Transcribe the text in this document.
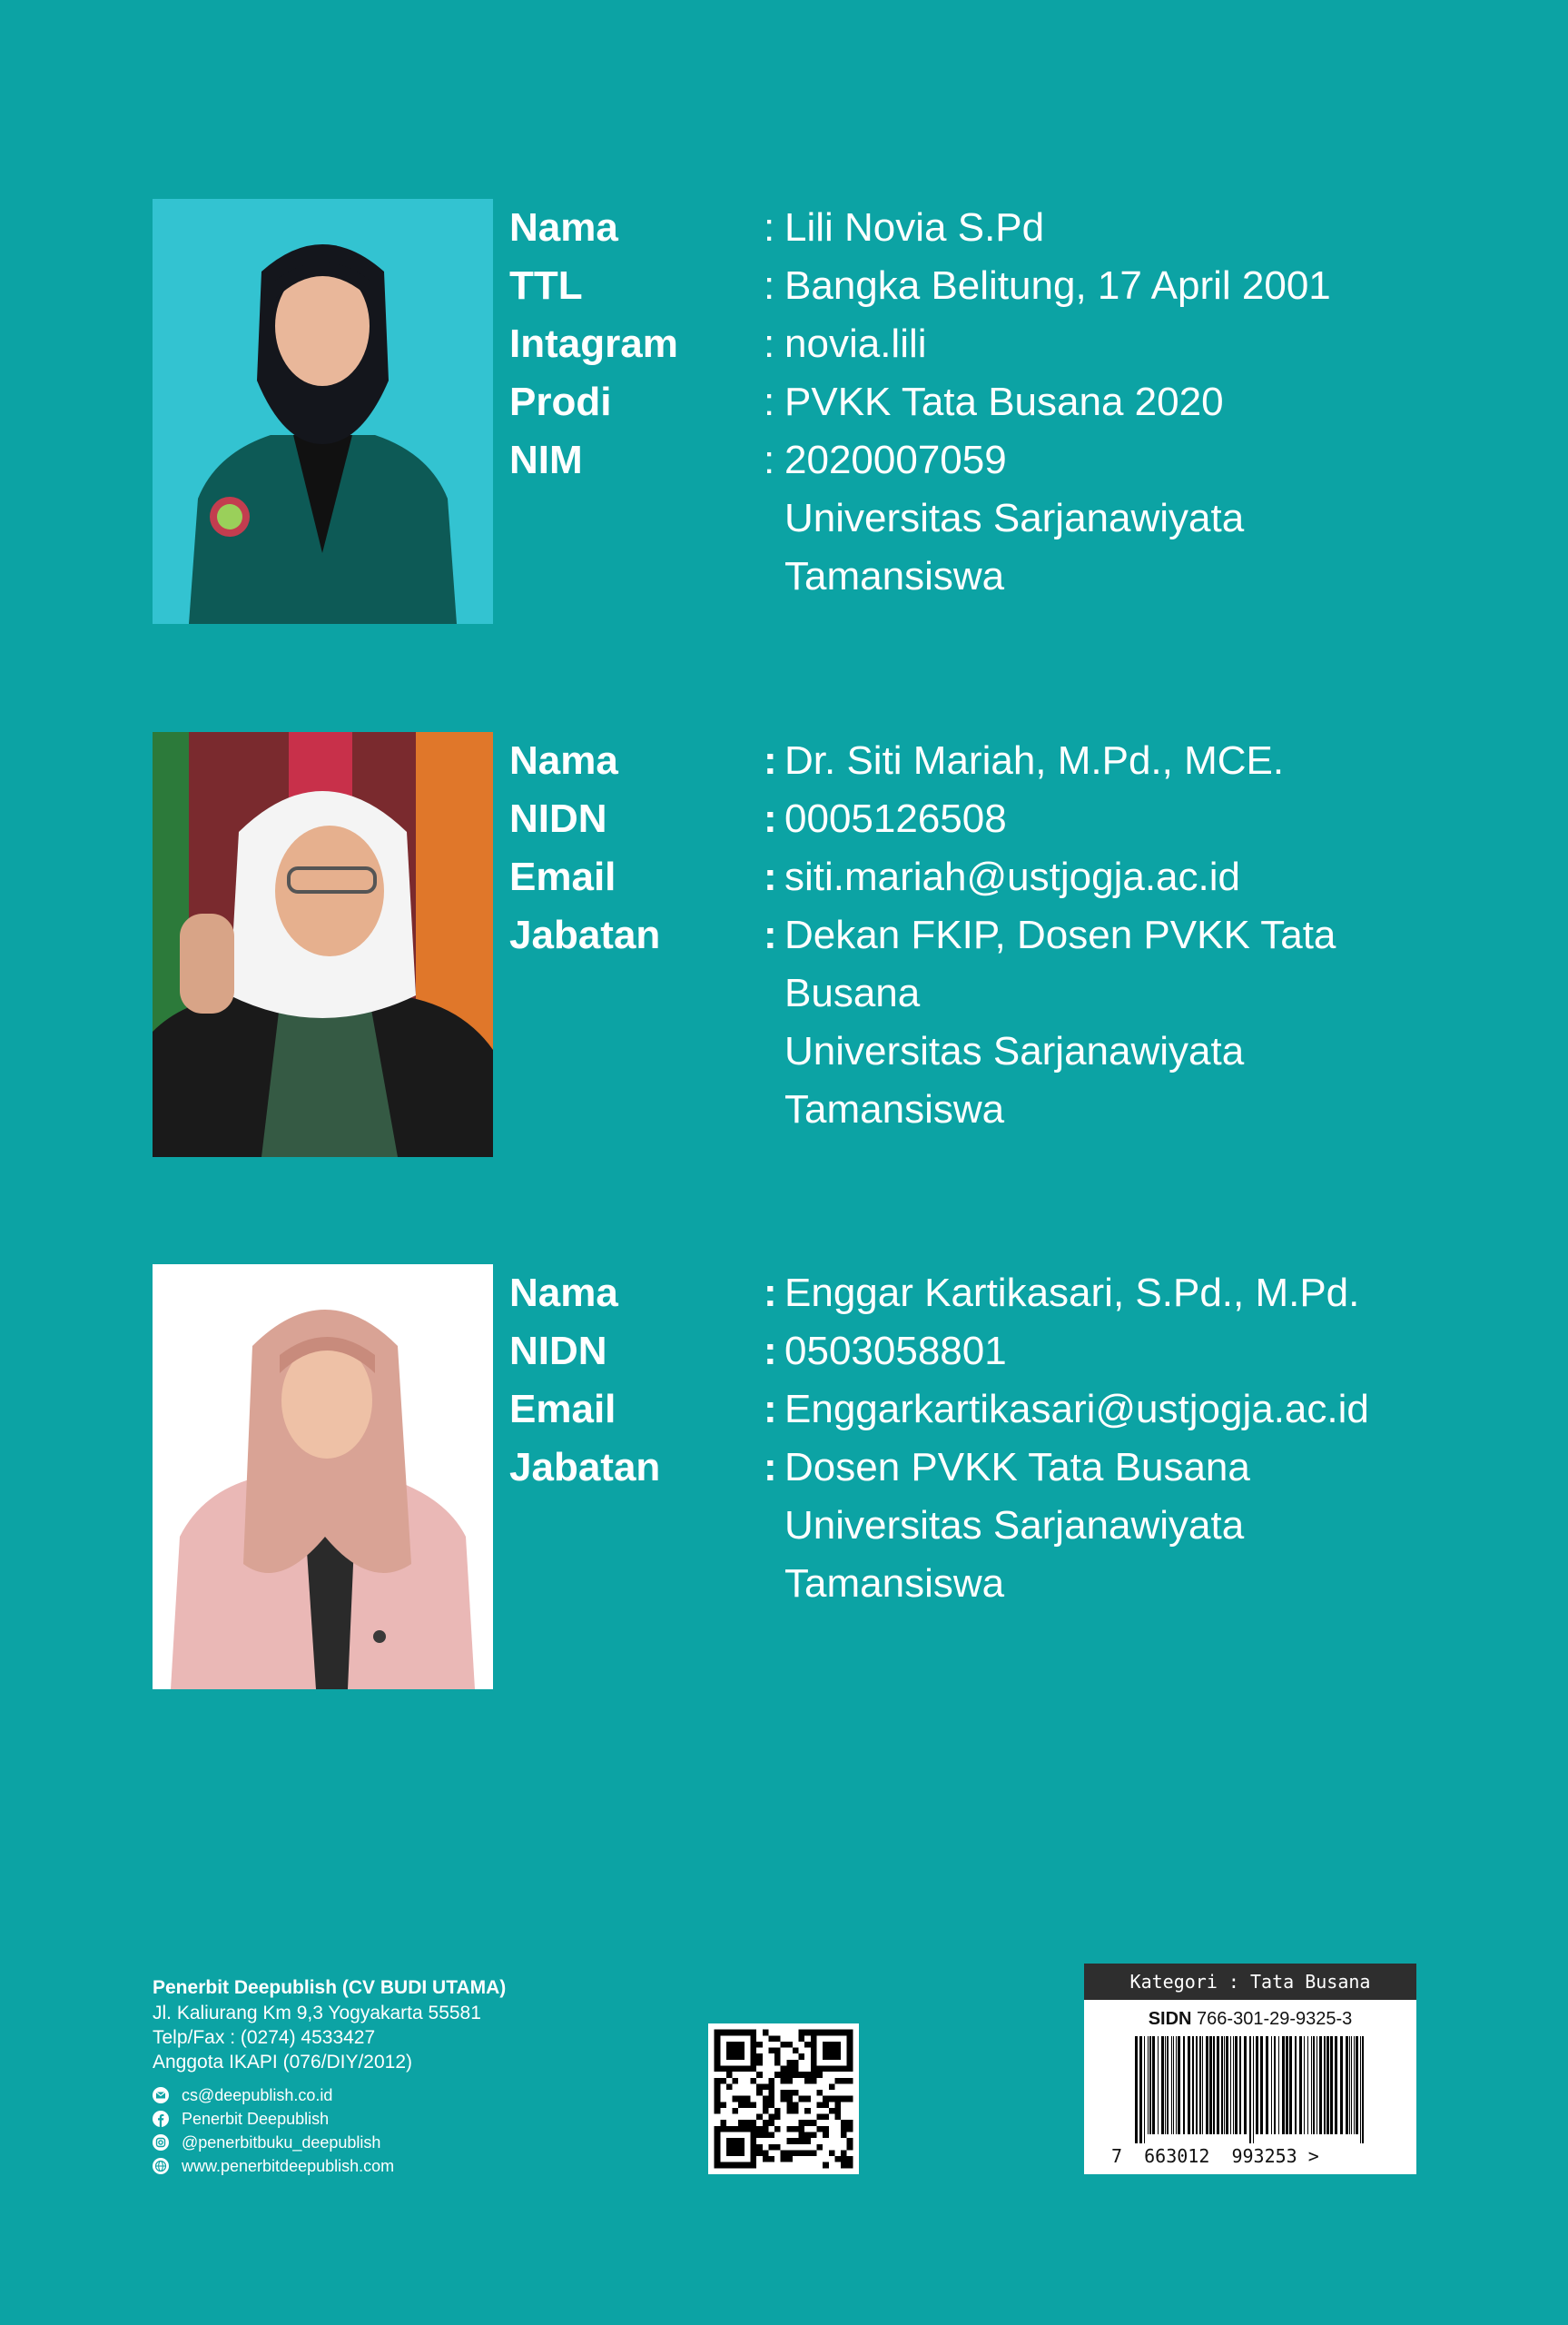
Nama	: Lili Novia S.Pd
TTL	: Bangka Belitung, 17 April 2001
Intagram : novia.lili
Prodi	: PVKK Tata Busana 2020
NIM	: 2020007059
Universitas Sarjanawiyata
Tamansiswa
Nama	: Dr. Siti Mariah, M.Pd., MCE.
NIDN	: 0005126508
Email	: siti.mariah@ustjogja.ac.id
Jabatan	: Dekan FKIP, Dosen PVKK Tata
Busana
Universitas Sarjanawiyata
Tamansiswa
Nama	: Enggar Kartikasari, S.Pd., M.Pd.
NIDN	: 0503058801
Email	: Enggarkartikasari@ustjogja.ac.id
Jabatan	: Dosen PVKK Tata Busana
Universitas Sarjanawiyata
Tamansiswa
Penerbit Deepublish (CV BUDI UTAMA)
Jl. Kaliurang Km 9,3 Yogyakarta 55581
Telp/Fax : (0274) 4533427
Anggota IKAPI (076/DIY/2012)
cs@deepublish.co.id
Penerbit Deepublish
@penerbitbuku_deepublish
www.penerbitdeepublish.com
Kategori : Tata Busana
SIDN 766-301-29-9325-3
7  663012  993253 >
